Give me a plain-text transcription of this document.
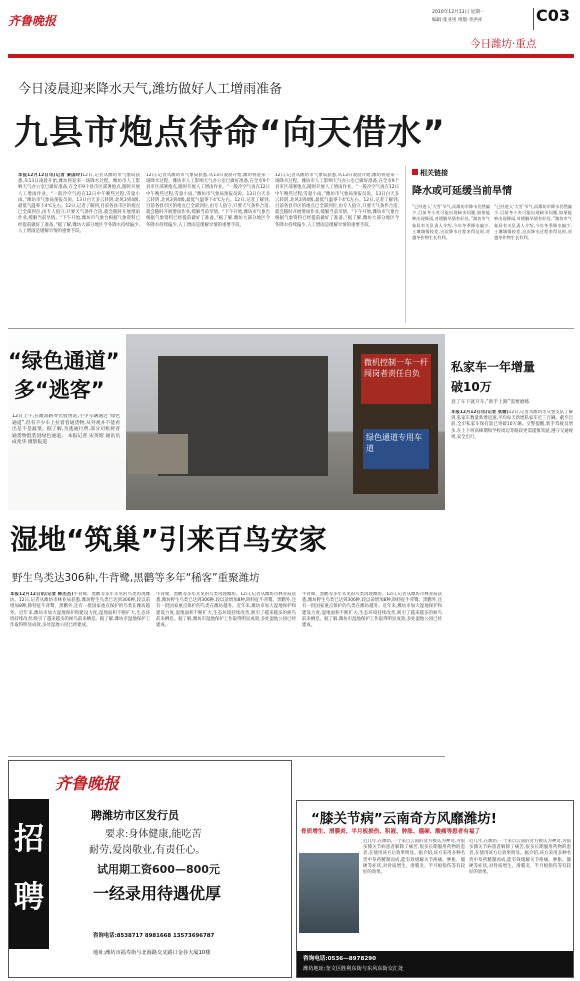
齐鲁晚报
2010年12月13日 星期一
编辑:张亚男 组版:李洪祥	C03
今日潍坊·重点
今日凌晨迎来降水天气,潍坊做好人工增雨准备
九县市炮点待命“向天借水”
本报12月12日讯(记者 秦国玲)12日,记者从潍坊市气象局获悉,从13日凌晨开始,潍坊将迎来一场降水过程。潍坊市人工影响天气办公室已做好准备,在全市9个县市区部署炮点,随时开展人工增雨作业。“一般冷空气再在12日中午晚些过程,雪量小雨。”潍坊市气象局预报员说。13日白天多云转阴,北风3到4级,最低气温零下4℃左右。12日,记者了解到,目前各县市区的炮点已全部到位,由专人值守,只要天气条件合适,就会随时开展增雨作业,缓解当前旱情。“下午开始,潍坊市气象台根据气象资料已经提前做好了准备。”据了解,潍坊大部分地区今冬降水持续偏少,人工增雨是缓解旱情的重要手段。
12日,记者从潍坊市气象局获悉,从13日凌晨开始,潍坊将迎来一场降水过程。潍坊市人工影响天气办公室已做好准备,在全市9个县市区部署炮点,随时开展人工增雨作业。“一般冷空气再在12日中午晚些过程,雪量小雨。”潍坊市气象局预报员说。13日白天多云转阴,北风3到4级,最低气温零下4℃左右。12日,记者了解到,目前各县市区的炮点已全部到位,由专人值守,只要天气条件合适,就会随时开展增雨作业,缓解当前旱情。“下午开始,潍坊市气象台根据气象资料已经提前做好了准备。”据了解,潍坊大部分地区今冬降水持续偏少,人工增雨是缓解旱情的重要手段。
12日,记者从潍坊市气象局获悉,从13日凌晨开始,潍坊将迎来一场降水过程。潍坊市人工影响天气办公室已做好准备,在全市9个县市区部署炮点,随时开展人工增雨作业。“一般冷空气再在12日中午晚些过程,雪量小雨。”潍坊市气象局预报员说。13日白天多云转阴,北风3到4级,最低气温零下4℃左右。12日,记者了解到,目前各县市区的炮点已全部到位,由专人值守,只要天气条件合适,就会随时开展增雨作业,缓解当前旱情。“下午开始,潍坊市气象台根据气象资料已经提前做好了准备。”据了解,潍坊大部分地区今冬降水持续偏少,人工增雨是缓解旱情的重要手段。
相关链接
降水或可延缓当前旱情
“已经进入‘大雪’节气,而潍坊市降水仍然偏少,目前冬小麦可能出现缺水问题,如果能够出现降雨,对缓解旱情有好处。”潍坊市气象局有关负责人介绍,今年冬季降水偏少,土壤墒情较差,这次降水过程来得及时,对越冬作物生长有利。
“已经进入‘大雪’节气,而潍坊市降水仍然偏少,目前冬小麦可能出现缺水问题,如果能够出现降雨,对缓解旱情有好处。”潍坊市气象局有关负责人介绍,今年冬季降水偏少,土壤墒情较差,这次降水过程来得及时,对越冬作物生长有利。
微机控制一车一杆 闯岗者责任自负
绿色通道专用车道
“绿色通道”
多“逃客”
12日上午,在潍高路寿光收费站,不少车辆通过“绿色通道”,但有不少车上拉着普通货物,从外观并不能看出是不是蔬菜。据了解,为逃通行费,部分司机将普通货物混装进绿色通道。 本报记者 宋英昭 通讯员 成兆华 摄影报道
私家车一年增量
破10万
意了车下就开车,“新手上路”需要磨练
本报12月12日讯(记者 张媚)12日,记者从潍坊市交警支队了解到,私家车数量新增迅速,平均每天新增私家车近三百辆。截至目前,全市私家车保有量已突破10万辆。交警提醒,新手驾驶员增多,在上下班高峰期和学校周边等路段更需谨慎驾驶,遵守交通规则,安全出行。
湿地“筑巢”引来百鸟安家
野生鸟类达306种,牛背鹭,黑鹳等多年“稀客”重聚潍坊
本报12月12日讯(记者 韩杰杰)牛背鹭、黑鹳等多年未见的鸟类再现潍坊。12日,记者从潍坊市林业局获悉,潍坊野生鸟类已达到306种,较以前增加8种,除特征牛背鹭、黑鹳外,还有一批国家重点保护的鸟类在潍坊越冬。近年来,潍坊市加大湿地保护和建设力度,湿地面积不断扩大,生态环境持续改善,吸引了越来越多的候鸟前来栖息。据了解,潍坊市湿地保护工作取得明显成效,多处湿地公园已经建成。
牛背鹭、黑鹳等多年未见的鸟类再现潍坊。12日,记者从潍坊市林业局获悉,潍坊野生鸟类已达到306种,较以前增加8种,除特征牛背鹭、黑鹳外,还有一批国家重点保护的鸟类在潍坊越冬。近年来,潍坊市加大湿地保护和建设力度,湿地面积不断扩大,生态环境持续改善,吸引了越来越多的候鸟前来栖息。据了解,潍坊市湿地保护工作取得明显成效,多处湿地公园已经建成。
牛背鹭、黑鹳等多年未见的鸟类再现潍坊。12日,记者从潍坊市林业局获悉,潍坊野生鸟类已达到306种,较以前增加8种,除特征牛背鹭、黑鹳外,还有一批国家重点保护的鸟类在潍坊越冬。近年来,潍坊市加大湿地保护和建设力度,湿地面积不断扩大,生态环境持续改善,吸引了越来越多的候鸟前来栖息。据了解,潍坊市湿地保护工作取得明显成效,多处湿地公园已经建成。
齐鲁晚报
招聘
聘潍坊市区发行员
要求:身体健康,能吃苦
耐劳,爱岗敬业,有责任心。
试用期工资600—800元
一经录用待遇优厚
咨询电话:8538717 8981668 13573696787
地址:潍坊市福寿街与北海路交叉路口金谷大厦10楼
“膝关节病”云南奇方风靡潍坊!
骨质增生、滑膜炎、半月板损伤、积液、肿胀、僵硬、酸痛等患者有福了
近几年,在潍坊,一个来自云南的奇方被认为神奇,为很多膝关节病患者解除了痛苦,很多长期服用药物的患者,在使用该方后效果明显。据介绍,该方采用多种名贵中草药精制而成,能有效缓解关节疼痛、肿胀、僵硬等症状,对骨质增生、滑膜炎、半月板损伤等有较好的效果。
近几年,在潍坊,一个来自云南的奇方被认为神奇,为很多膝关节病患者解除了痛苦,很多长期服用药物的患者,在使用该方后效果明显。据介绍,该方采用多种名贵中草药精制而成,能有效缓解关节疼痛、肿胀、僵硬等症状,对骨质增生、滑膜炎、半月板损伤等有较好的效果。
咨询电话:0536—8978290
潍坊地址:奎文区胜利东街与东风东街交汇处
